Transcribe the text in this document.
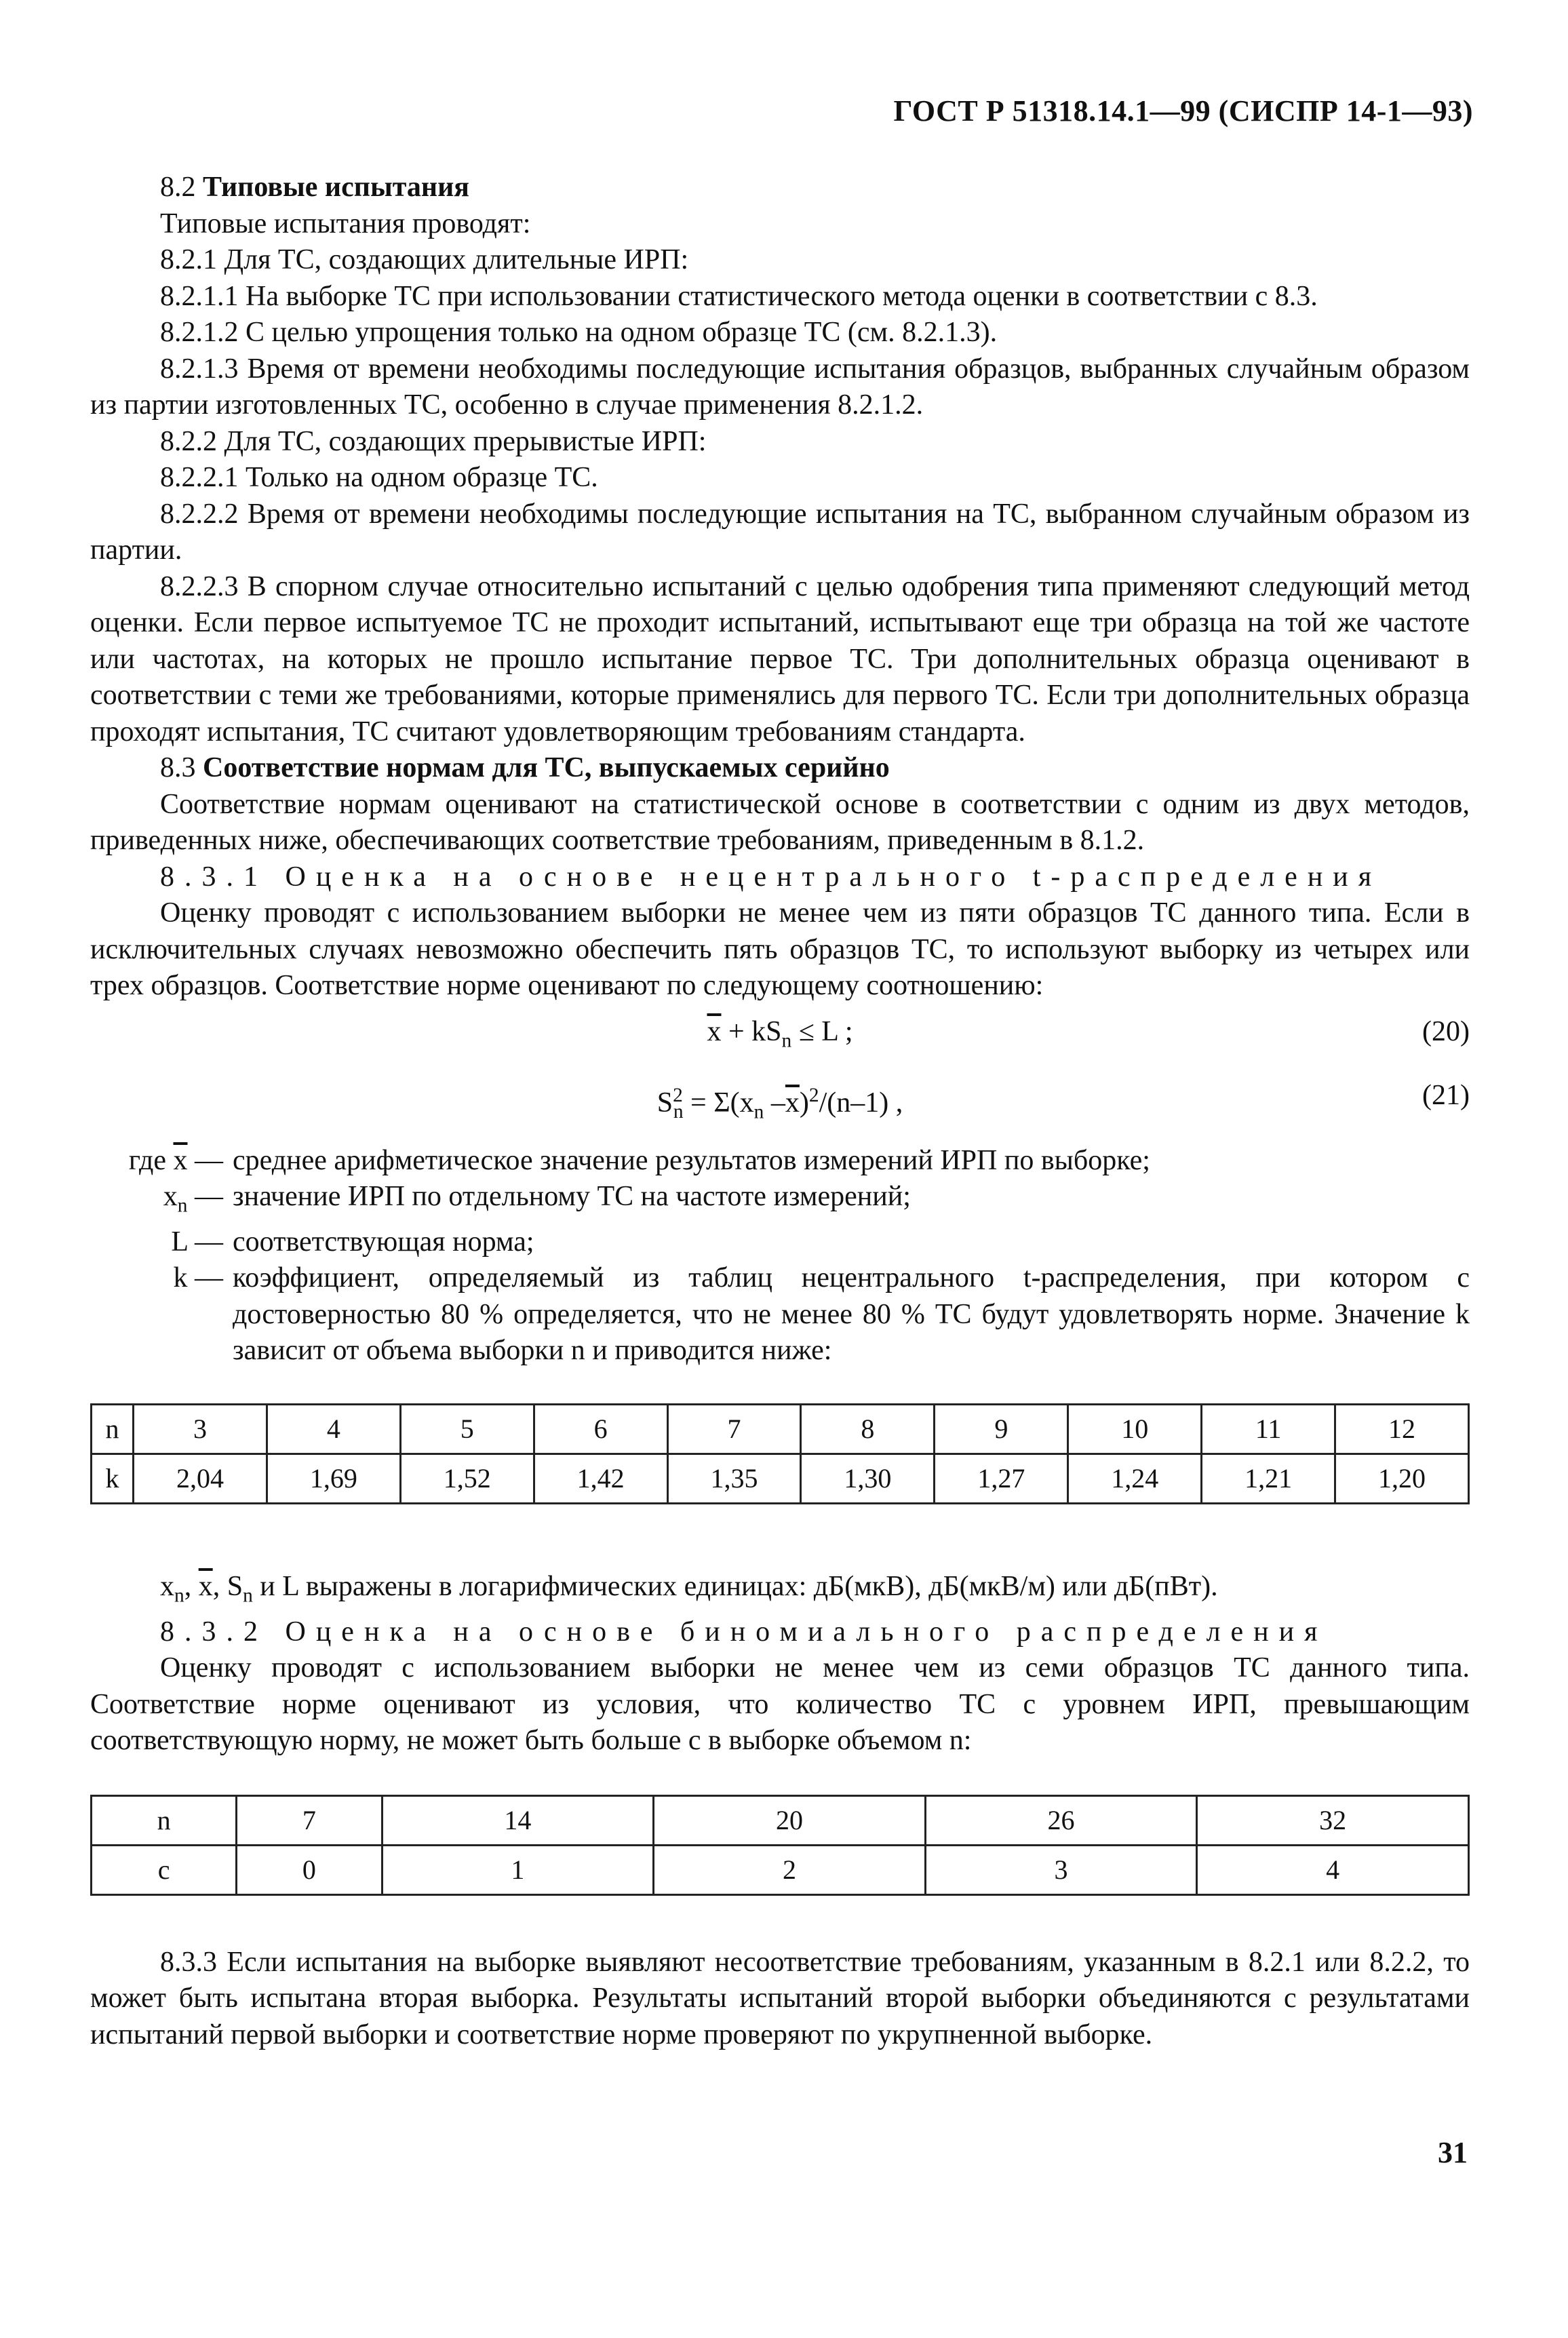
ГОСТ Р 51318.14.1—99 (СИСПР 14-1—93)

8.2 Типовые испытания

Типовые испытания проводят:

8.2.1 Для ТС, создающих длительные ИРП:

8.2.1.1 На выборке ТС при использовании статистического метода оценки в соответствии с 8.3.

8.2.1.2 С целью упрощения только на одном образце ТС (см. 8.2.1.3).

8.2.1.3 Время от времени необходимы последующие испытания образцов, выбранных случайным образом из партии изготовленных ТС, особенно в случае применения 8.2.1.2.

8.2.2 Для ТС, создающих прерывистые ИРП:

8.2.2.1 Только на одном образце ТС.

8.2.2.2 Время от времени необходимы последующие испытания на ТС, выбранном случайным образом из партии.

8.2.2.3 В спорном случае относительно испытаний с целью одобрения типа применяют следующий метод оценки. Если первое испытуемое ТС не проходит испытаний, испытывают еще три образца на той же частоте или частотах, на которых не прошло испытание первое ТС. Три дополнительных образца оценивают в соответствии с теми же требованиями, которые применялись для первого ТС. Если три дополнительных образца проходят испытания, ТС считают удовлетворяющим требованиям стандарта.

8.3 Соответствие нормам для ТС, выпускаемых серийно

Соответствие нормам оценивают на статистической основе в соответствии с одним из двух методов, приведенных ниже, обеспечивающих соответствие требованиям, приведенным в 8.1.2.

8.3.1 Оценка на основе нецентрального t-распределения

Оценку проводят с использованием выборки не менее чем из пяти образцов ТС данного типа. Если в исключительных случаях невозможно обеспечить пять образцов ТС, то используют выборку из четырех или трех образцов. Соответствие норме оценивают по следующему соотношению:

$\overline{x} + kS_n \le L$ ;	(20)
$S^2_n = \Sigma(x_n$ $-\overline{x})^2/(n-1)$ ,	(21)
где $\overline{x}$ — среднее арифметическое значение результатов измерений ИРП по выборке;
$x_n$ — значение ИРП по отдельному ТС на частоте измерений;
L — соответствующая норма;
k — коэффициент, определяемый из таблиц нецентрального t-распределения, при котором с достоверностью 80 % определяется, что не менее 80 % ТС будут удовлетворять норме. Значение k зависит от объема выборки n и приводится ниже:
n	3	4	5	6	7	8	9	10	11	12
k	2,04	1,69	1,52	1,42	1,35	1,30	1,27	1,24	1,21	1,20

$x_n$, $\overline{x}$, $S_n$ и L выражены в логарифмических единицах: дБ(мкВ), дБ(мкВ/м) или дБ(пВт).

8.3.2 Оценка на основе биномиального распределения

Оценку проводят с использованием выборки не менее чем из семи образцов ТС данного типа. Соответствие норме оценивают из условия, что количество ТС с уровнем ИРП, превышающим соответствующую норму, не может быть больше с в выборке объемом n:

n	7	14	20	26	32
с	0	1	2	3	4

8.3.3 Если испытания на выборке выявляют несоответствие требованиям, указанным в 8.2.1 или 8.2.2, то может быть испытана вторая выборка. Результаты испытаний второй выборки объединяются с результатами испытаний первой выборки и соответствие норме проверяют по укрупненной выборке.

31
